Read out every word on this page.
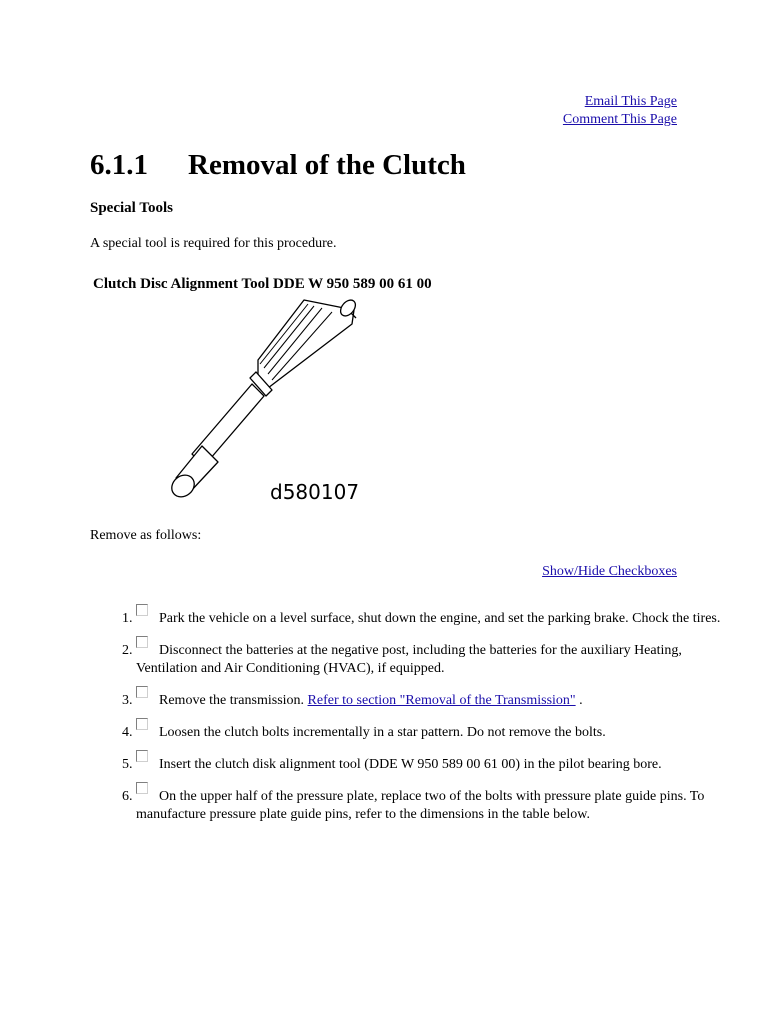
Email This Page
Comment This Page
6.1.1 Removal of the Clutch
Special Tools

A special tool is required for this procedure.

Clutch Disc Alignment Tool DDE W 950 589 00 61 00
d580107

Remove as follows:

Show/Hide Checkboxes
1. Park the vehicle on a level surface, shut down the engine, and set the parking brake. Chock the tires.
2. Disconnect the batteries at the negative post, including the batteries for the auxiliary Heating, Ventilation and Air Conditioning (HVAC), if equipped.
3. Remove the transmission. Refer to section "Removal of the Transmission" .
4. Loosen the clutch bolts incrementally in a star pattern. Do not remove the bolts.
5. Insert the clutch disk alignment tool (DDE W 950 589 00 61 00) in the pilot bearing bore.
6. On the upper half of the pressure plate, replace two of the bolts with pressure plate guide pins. To manufacture pressure plate guide pins, refer to the dimensions in the table below.
